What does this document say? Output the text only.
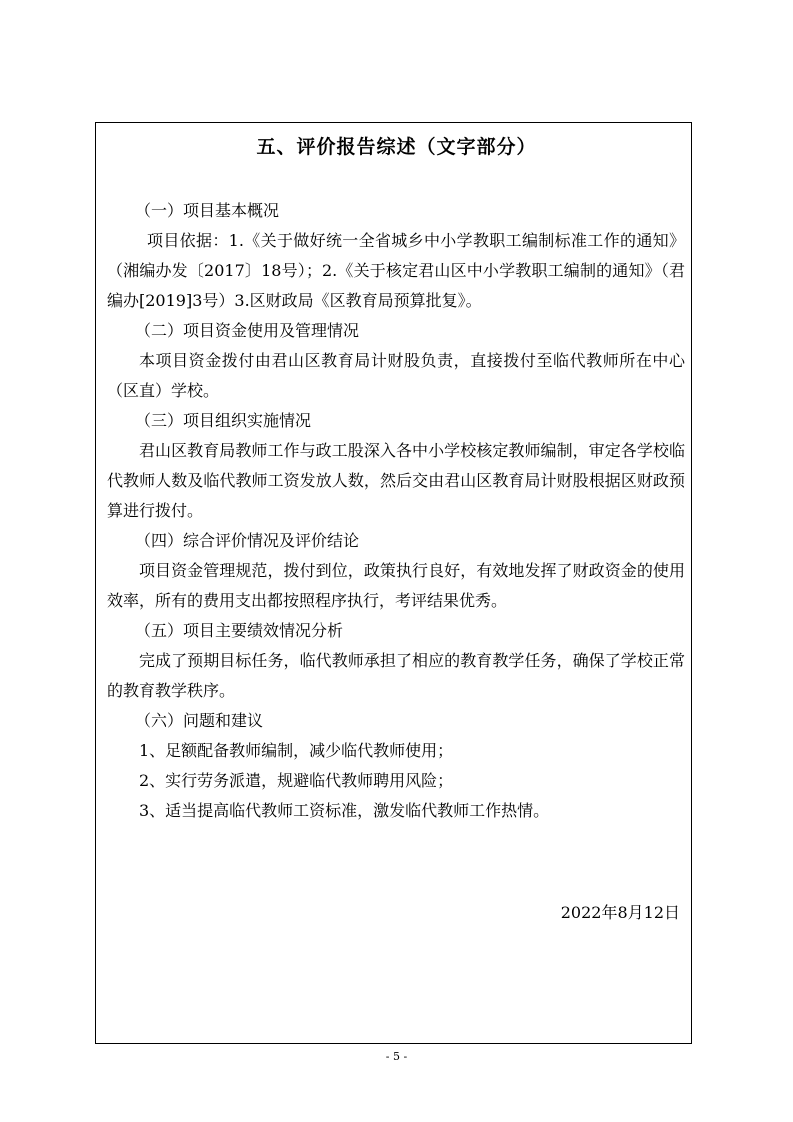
五、评价报告综述（文字部分）

（一）项目基本概况

项目依据：1.《关于做好统一全省城乡中小学教职工编制标准工作的通知》（湘编办发〔2017〕18号）；2.《关于核定君山区中小学教职工编制的通知》（君编办[2019]3号）3.区财政局《区教育局预算批复》。

（二）项目资金使用及管理情况

本项目资金拨付由君山区教育局计财股负责，直接拨付至临代教师所在中心（区直）学校。

（三）项目组织实施情况

君山区教育局教师工作与政工股深入各中小学校核定教师编制，审定各学校临代教师人数及临代教师工资发放人数，然后交由君山区教育局计财股根据区财政预算进行拨付。

（四）综合评价情况及评价结论

项目资金管理规范，拨付到位，政策执行良好，有效地发挥了财政资金的使用效率，所有的费用支出都按照程序执行，考评结果优秀。

（五）项目主要绩效情况分析

完成了预期目标任务，临代教师承担了相应的教育教学任务，确保了学校正常的教育教学秩序。

（六）问题和建议

1、足额配备教师编制，减少临代教师使用；

2、实行劳务派遣，规避临代教师聘用风险；

3、适当提高临代教师工资标准，激发临代教师工作热情。

2022年8月12日
- 5 -
